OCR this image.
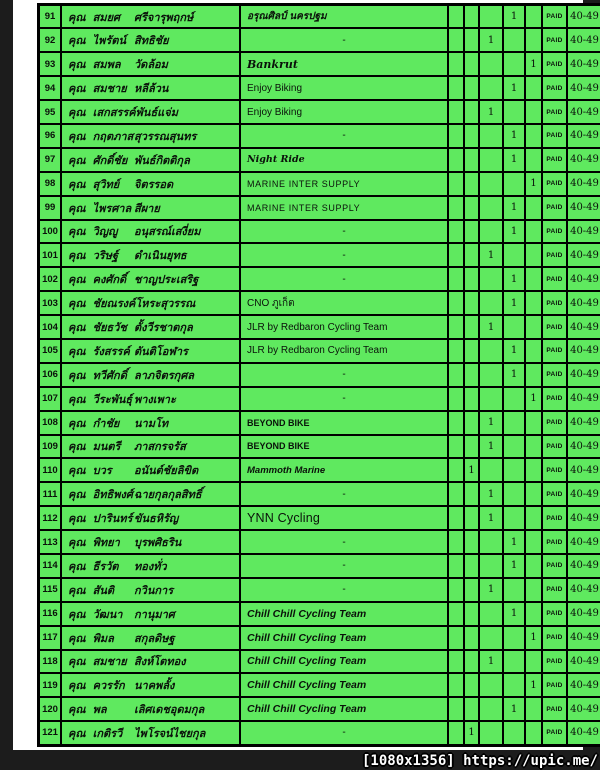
91	คุณ สมยศ ศรีจารุพฤกษ์	อรุณศิลป์ นครปฐม				1		PAID	40-49
92	คุณ ไพรัตน์ สิทธิชัย	-			1			PAID	40-49
93	คุณ สมพล วัดล้อม	Bankrut					1	PAID	40-49
94	คุณ สมชาย หลีล้วน	Enjoy Biking				1		PAID	40-49
95	คุณ เสกสรรค์พันธ์แจ่ม	Enjoy Biking			1			PAID	40-49
96	คุณ กฤตภาสสุวรรณสุนทร	-				1		PAID	40-49
97	คุณ ศักดิ์ชัย พันธ์กิตติกุล	Night Ride				1		PAID	40-49
98	คุณ สุวิทย์ จิตรรอด	MARINE INTER SUPPLY					1	PAID	40-49
99	คุณ ไพรศาล สีผาย	MARINE INTER SUPPLY				1		PAID	40-49
100	คุณ วิญญู อนุสรณ์เสงี่ยม	-				1		PAID	40-49
101	คุณ วริษฐ์ ดำเนินยุทธ	-			1			PAID	40-49
102	คุณ คงศักดิ์ ชาญประเสริฐ	-				1		PAID	40-49
103	คุณ ชัยณรงค์โหระสุวรรณ	CNO ภูเก็ต				1		PAID	40-49
104	คุณ ชัยธวัช ตั้งวีรชาตกุล	JLR by Redbaron Cycling Team			1			PAID	40-49
105	คุณ รังสรรค์ ตันติโอฬาร	JLR by Redbaron Cycling Team				1		PAID	40-49
106	คุณ ทวีศักดิ์ ลาภจิตรกุศล	-				1		PAID	40-49
107	คุณ วีระพันธุ์ พางเพาะ	-					1	PAID	40-49
108	คุณ กำชัย นามโท	BEYOND BIKE			1			PAID	40-49
109	คุณ มนตรี ภาสกรจรัส	BEYOND BIKE			1			PAID	40-49
110	คุณ บวร อนันต์ชัยลิขิต	Mammoth Marine		1				PAID	40-49
111	คุณ อิทธิพงศ์ฉายกุลกุลสิทธิ์	-			1			PAID	40-49
112	คุณ ปารินทร์ ขันธหิรัญ	YNN Cycling			1			PAID	40-49
113	คุณ พิทยา บุรพศิธริน	-				1		PAID	40-49
114	คุณ ธีรวัต ทองทั่ว	-				1		PAID	40-49
115	คุณ สันติ กวินการ	-			1			PAID	40-49
116	คุณ วัฒนา กานุมาศ	Chill Chill Cycling Team				1		PAID	40-49
117	คุณ พิมล สกุลดิษฐ	Chill Chill Cycling Team					1	PAID	40-49
118	คุณ สมชาย สิงห์โตทอง	Chill Chill Cycling Team			1			PAID	40-49
119	คุณ ควรรัก นาคพลั้ง	Chill Chill Cycling Team					1	PAID	40-49
120	คุณ พล เลิศเดชอุดมกุล	Chill Chill Cycling Team				1		PAID	40-49
121	คุณ เกติรวี ไพโรจน์ไชยกุล	-		1				PAID	40-49
[1080x1356] https://upic.me/
